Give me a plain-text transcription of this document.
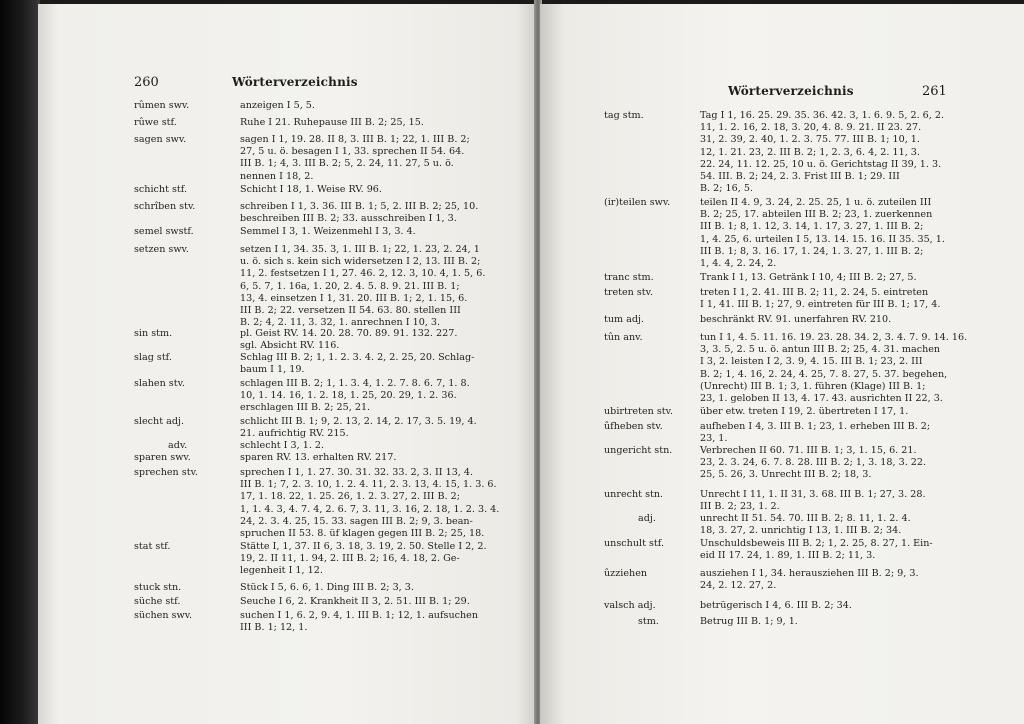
260	Wörterverzeichnis
rûmen swv.	anzeigen I 5, 5.
rûwe stf.	Ruhe I 21. Ruhepause III B. 2; 25, 15.
sagen swv.	sagen I 1, 19. 28. II 8, 3. III B. 1; 22, 1. III B. 2;
27, 5 u. ö. besagen I 1, 33. sprechen II 54. 64.
III B. 1; 4, 3. III B. 2; 5, 2. 24, 11. 27, 5 u. ö.
nennen I 18, 2.
schicht stf.	Schicht I 18, 1. Weise RV. 96.
schrîben stv.	schreiben I 1, 3. 36. III B. 1; 5, 2. III B. 2; 25, 10.
beschreiben III B. 2; 33. ausschreiben I 1, 3.
semel swstf.	Semmel I 3, 1. Weizenmehl I 3, 3. 4.
setzen swv.	setzen I 1, 34. 35. 3, 1. III B. 1; 22, 1. 23, 2. 24, 1
u. ö. sich s. kein sich widersetzen I 2, 13. III B. 2;
11, 2. festsetzen I 1, 27. 46. 2, 12. 3, 10. 4, 1. 5, 6.
6, 5. 7, 1. 16a, 1. 20, 2. 4. 5. 8. 9. 21. III B. 1;
13, 4. einsetzen I 1, 31. 20. III B. 1; 2, 1. 15, 6.
III B. 2; 22. versetzen II 54. 63. 80. stellen III
B. 2; 4, 2. 11, 3. 32, 1. anrechnen I 10, 3.
sin stm.	pl. Geist RV. 14. 20. 28. 70. 89. 91. 132. 227.
sgl. Absicht RV. 116.
slag stf.	Schlag III B. 2; 1, 1. 2. 3. 4. 2, 2. 25, 20. Schlag-
baum I 1, 19.
slahen stv.	schlagen III B. 2; 1, 1. 3. 4, 1. 2. 7. 8. 6. 7, 1. 8.
10, 1. 14. 16, 1. 2. 18, 1. 25, 20. 29, 1. 2. 36.
erschlagen III B. 2; 25, 21.
slecht adj.	schlicht III B. 1; 9, 2. 13, 2. 14, 2. 17, 3. 5. 19, 4.
21. aufrichtig RV. 215.
adv.	schlecht I 3, 1. 2.
sparen swv.	sparen RV. 13. erhalten RV. 217.
sprechen stv.	sprechen I 1, 1. 27. 30. 31. 32. 33. 2, 3. II 13, 4.
III B. 1; 7, 2. 3. 10, 1. 2. 4. 11, 2. 3. 13, 4. 15, 1. 3. 6.
17, 1. 18. 22, 1. 25. 26, 1. 2. 3. 27, 2. III B. 2;
1, 1. 4. 3, 4. 7. 4, 2. 6. 7, 3. 11, 3. 16, 2. 18, 1. 2. 3. 4.
24, 2. 3. 4. 25, 15. 33. sagen III B. 2; 9, 3. bean-
spruchen II 53. 8. üf klagen gegen III B. 2; 25, 18.
stat stf.	Stätte I, 1, 37. II 6, 3. 18, 3. 19, 2. 50. Stelle I 2, 2.
19, 2. II 11, 1. 94, 2. III B. 2; 16, 4. 18, 2. Ge-
legenheit I 1, 12.
stuck stn.	Stück I 5, 6. 6, 1. Ding III B. 2; 3, 3.
süche stf.	Seuche I 6, 2. Krankheit II 3, 2. 51. III B. 1; 29.
süchen swv.	suchen I 1, 6. 2, 9. 4, 1. III B. 1; 12, 1. aufsuchen
III B. 1; 12, 1.
Wörterverzeichnis	261
tag stm.	Tag I 1, 16. 25. 29. 35. 36. 42. 3, 1. 6. 9. 5, 2. 6, 2.
11, 1. 2. 16, 2. 18, 3. 20, 4. 8. 9. 21. II 23. 27.
31, 2. 39, 2. 40, 1. 2. 3. 75. 77. III B. 1; 10, 1.
12, 1. 21. 23, 2. III B. 2; 1, 2. 3, 6. 4, 2. 11, 3.
22. 24, 11. 12. 25, 10 u. ö. Gerichtstag II 39, 1. 3.
54. III. B. 2; 24, 2. 3. Frist III B. 1; 29. III
B. 2; 16, 5.
(ir)teilen swv.	teilen II 4. 9, 3. 24, 2. 25. 25, 1 u. ö. zuteilen III
B. 2; 25, 17. abteilen III B. 2; 23, 1. zuerkennen
III B. 1; 8, 1. 12, 3. 14, 1. 17, 3. 27, 1. III B. 2;
1, 4. 25, 6. urteilen I 5, 13. 14. 15. 16. II 35. 35, 1.
III B. 1; 8, 3. 16. 17, 1. 24, 1. 3. 27, 1. III B. 2;
1, 4. 4, 2. 24, 2.
tranc stm.	Trank I 1, 13. Getränk I 10, 4; III B. 2; 27, 5.
treten stv.	treten I 1, 2. 41. III B. 2; 11, 2. 24, 5. eintreten
I 1, 41. III B. 1; 27, 9. eintreten für III B. 1; 17, 4.
tum adj.	beschränkt RV. 91. unerfahren RV. 210.
tûn anv.	tun I 1, 4. 5. 11. 16. 19. 23. 28. 34. 2, 3. 4. 7. 9. 14. 16.
3, 3. 5, 2. 5 u. ö. antun III B. 2; 25, 4. 31. machen
I 3, 2. leisten I 2, 3. 9, 4. 15. III B. 1; 23, 2. III
B. 2; 1, 4. 16, 2. 24, 4. 25, 7. 8. 27, 5. 37. begehen,
(Unrecht) III B. 1; 3, 1. führen (Klage) III B. 1;
23, 1. geloben II 13, 4. 17. 43. ausrichten II 22, 3.
ubirtreten stv.	über etw. treten I 19, 2. übertreten I 17, 1.
ûfheben stv.	aufheben I 4, 3. III B. 1; 23, 1. erheben III B. 2;
23, 1.
ungericht stn.	Verbrechen II 60. 71. III B. 1; 3, 1. 15, 6. 21.
23, 2. 3. 24, 6. 7. 8. 28. III B. 2; 1, 3. 18, 3. 22.
25, 5. 26, 3. Unrecht III B. 2; 18, 3.
unrecht stn.	Unrecht I 11, 1. II 31, 3. 68. III B. 1; 27, 3. 28.
III B. 2; 23, 1. 2.
adj.	unrecht II 51. 54. 70. III B. 2; 8. 11, 1. 2. 4.
18, 3. 27, 2. unrichtig I 13, 1. III B. 2; 34.
unschult stf.	Unschuldsbeweis III B. 2; 1, 2. 25, 8. 27, 1. Ein-
eid II 17. 24, 1. 89, 1. III B. 2; 11, 3.
ûzziehen	ausziehen I 1, 34. herausziehen III B. 2; 9, 3.
24, 2. 12. 27, 2.
valsch adj.	betrügerisch I 4, 6. III B. 2; 34.
stm.	Betrug III B. 1; 9, 1.
